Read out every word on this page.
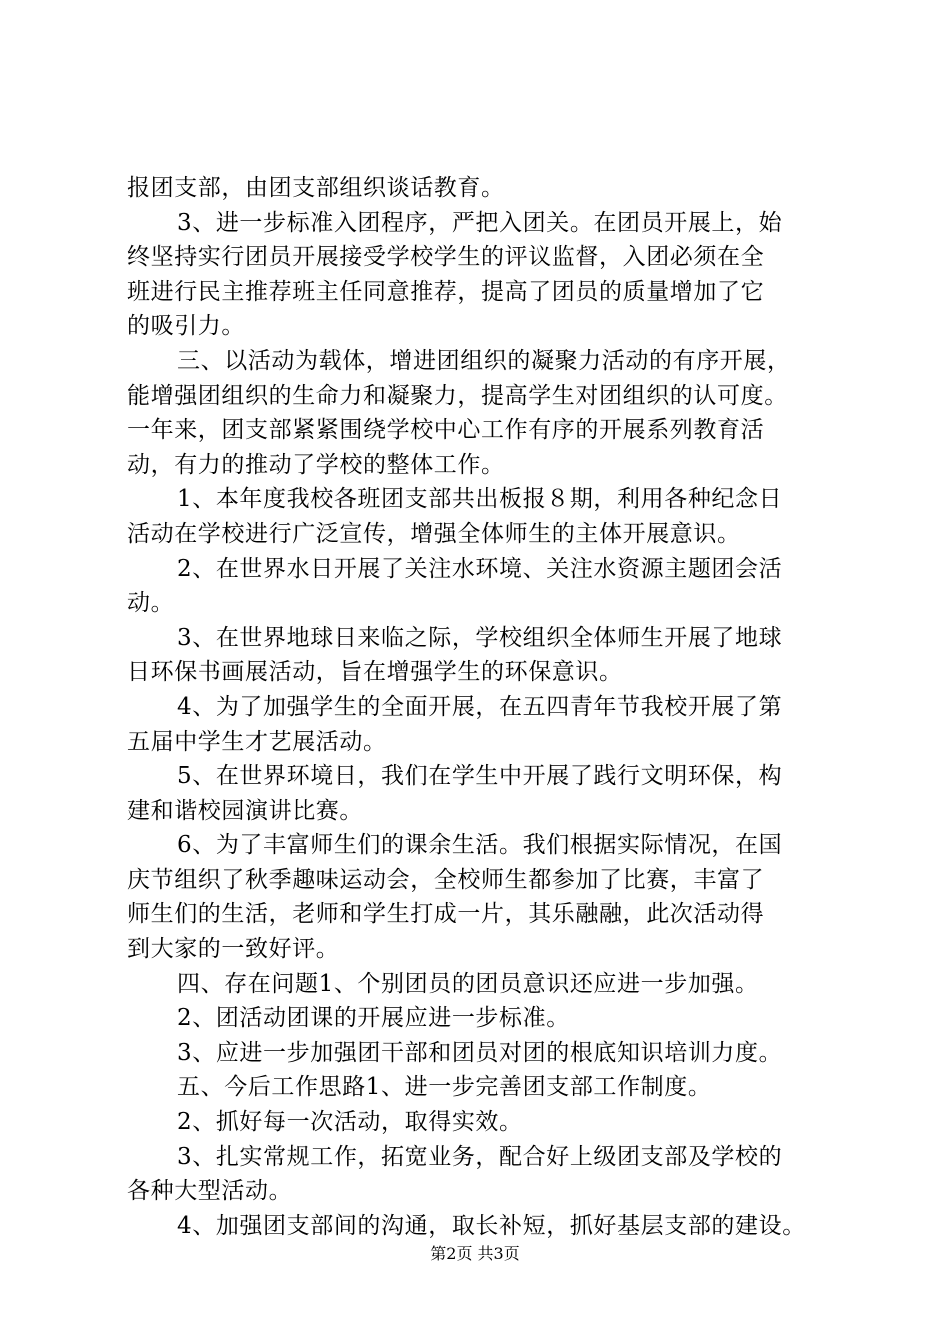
报团支部，由团支部组织谈话教育。
3、进一步标准入团程序，严把入团关。在团员开展上，始
终坚持实行团员开展接受学校学生的评议监督，入团必须在全
班进行民主推荐班主任同意推荐，提高了团员的质量增加了它
的吸引力。
三、以活动为载体，增进团组织的凝聚力活动的有序开展，
能增强团组织的生命力和凝聚力，提高学生对团组织的认可度。
一年来，团支部紧紧围绕学校中心工作有序的开展系列教育活
动，有力的推动了学校的整体工作。
1、本年度我校各班团支部共出板报８期，利用各种纪念日
活动在学校进行广泛宣传，增强全体师生的主体开展意识。
2、在世界水日开展了关注水环境、关注水资源主题团会活
动。
3、在世界地球日来临之际，学校组织全体师生开展了地球
日环保书画展活动，旨在增强学生的环保意识。
4、为了加强学生的全面开展，在五四青年节我校开展了第
五届中学生才艺展活动。
5、在世界环境日，我们在学生中开展了践行文明环保，构
建和谐校园演讲比赛。
6、为了丰富师生们的课余生活。我们根据实际情况，在国
庆节组织了秋季趣味运动会，全校师生都参加了比赛，丰富了
师生们的生活，老师和学生打成一片，其乐融融，此次活动得
到大家的一致好评。
四、存在问题1、个别团员的团员意识还应进一步加强。
2、团活动团课的开展应进一步标准。
3、应进一步加强团干部和团员对团的根底知识培训力度。
五、今后工作思路1、进一步完善团支部工作制度。
2、抓好每一次活动，取得实效。
3、扎实常规工作，拓宽业务，配合好上级团支部及学校的
各种大型活动。
4、加强团支部间的沟通，取长补短，抓好基层支部的建设。
第2页 共3页
